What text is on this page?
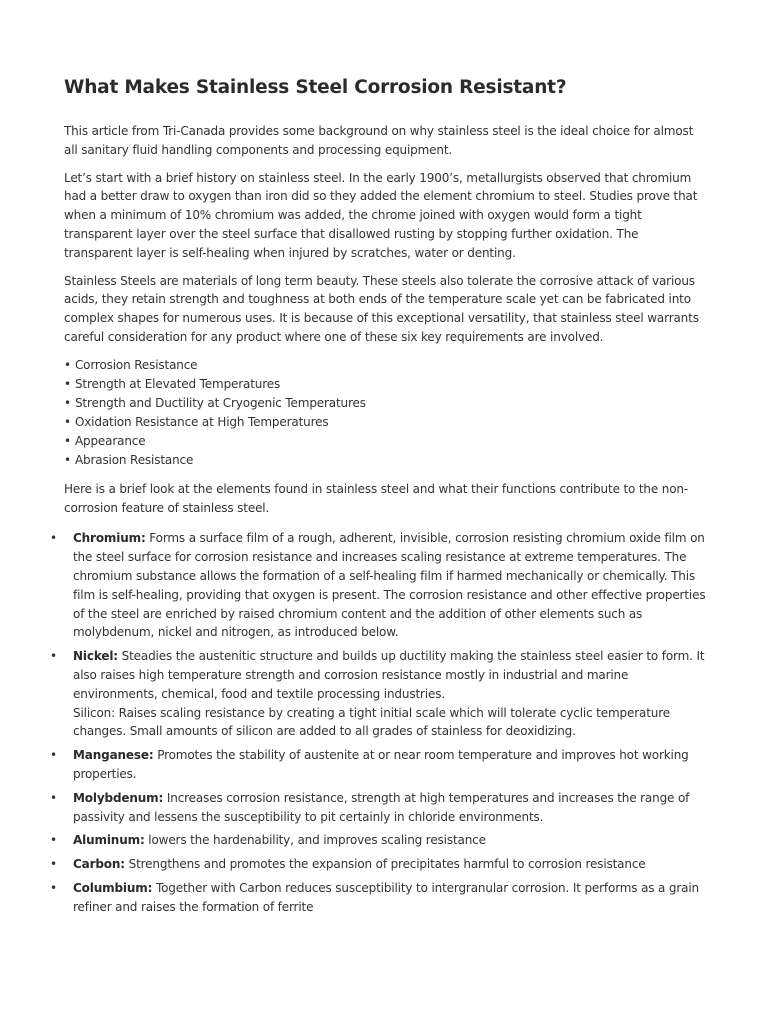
What Makes Stainless Steel Corrosion Resistant?

This article from Tri-Canada provides some background on why stainless steel is the ideal choice for almost all sanitary fluid handling components and processing equipment.

Let’s start with a brief history on stainless steel. In the early 1900’s, metallurgists observed that chromium had a better draw to oxygen than iron did so they added the element chromium to steel. Studies prove that when a minimum of 10% chromium was added, the chrome joined with oxygen would form a tight transparent layer over the steel surface that disallowed rusting by stopping further oxidation. The transparent layer is self-healing when injured by scratches, water or denting.

Stainless Steels are materials of long term beauty. These steels also tolerate the corrosive attack of various acids, they retain strength and toughness at both ends of the temperature scale yet can be fabricated into complex shapes for numerous uses. It is because of this exceptional versatility, that stainless steel warrants careful consideration for any product where one of these six key requirements are involved.

• Corrosion Resistance
• Strength at Elevated Temperatures
• Strength and Ductility at Cryogenic Temperatures
• Oxidation Resistance at High Temperatures
• Appearance
• Abrasion Resistance

Here is a brief look at the elements found in stainless steel and what their functions contribute to the non-corrosion feature of stainless steel.

• Chromium: Forms a surface film of a rough, adherent, invisible, corrosion resisting chromium oxide film on the steel surface for corrosion resistance and increases scaling resistance at extreme temperatures. The chromium substance allows the formation of a self-healing film if harmed mechanically or chemically. This film is self-healing, providing that oxygen is present. The corrosion resistance and other effective properties of the steel are enriched by raised chromium content and the addition of other elements such as molybdenum, nickel and nitrogen, as introduced below.
• Nickel: Steadies the austenitic structure and builds up ductility making the stainless steel easier to form. It also raises high temperature strength and corrosion resistance mostly in industrial and marine environments, chemical, food and textile processing industries.
Silicon: Raises scaling resistance by creating a tight initial scale which will tolerate cyclic temperature changes. Small amounts of silicon are added to all grades of stainless for deoxidizing.
• Manganese: Promotes the stability of austenite at or near room temperature and improves hot working properties.
• Molybdenum: Increases corrosion resistance, strength at high temperatures and increases the range of passivity and lessens the susceptibility to pit certainly in chloride environments.
• Aluminum: lowers the hardenability, and improves scaling resistance
• Carbon: Strengthens and promotes the expansion of precipitates harmful to corrosion resistance
• Columbium: Together with Carbon reduces susceptibility to intergranular corrosion. It performs as a grain refiner and raises the formation of ferrite
